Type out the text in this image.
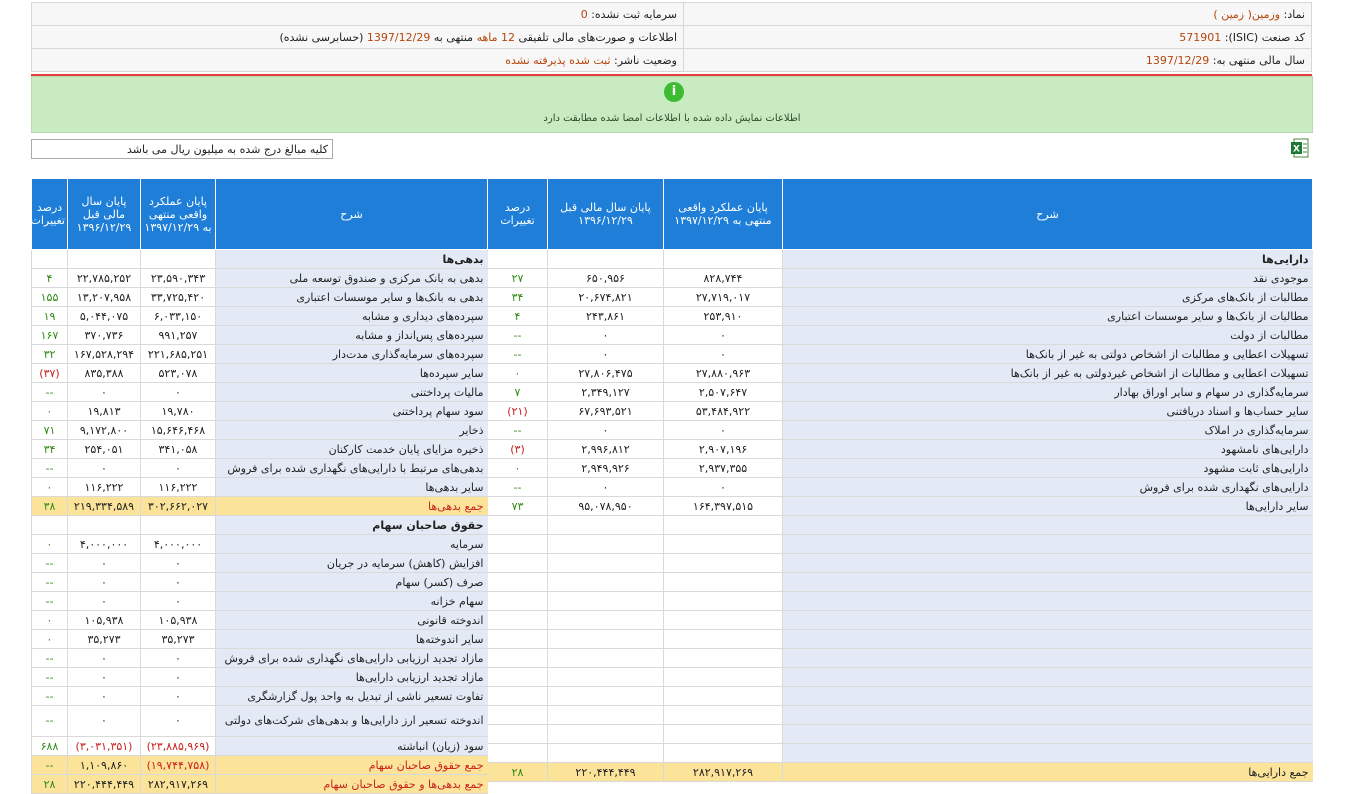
نماد: وزمین( زمین )	سرمایه ثبت نشده: 0
کد صنعت (ISIC): 571901	اطلاعات و صورت‌های مالی تلفیقی 12 ماهه منتهی به 1397/12/29 (حسابرسی نشده)
سال مالی منتهی به: 1397/12/29	وضعیت ناشر: ثبت شده پذیرفته نشده
i
اطلاعات نمایش داده شده با اطلاعات امضا شده مطابقت دارد
کلیه مبالغ درج شده به میلیون ریال می باشد	X
شرح	پایان عملکرد واقعی منتهی به ۱۳۹۷/۱۲/۲۹	پایان سال مالی قبل ۱۳۹۶/۱۲/۲۹	درصد تغییرات
دارایی‌ها			
موجودی نقد	۸۲۸,۷۴۴	۶۵۰,۹۵۶	۲۷
مطالبات از بانک‌های مرکزی	۲۷,۷۱۹,۰۱۷	۲۰,۶۷۴,۸۲۱	۳۴
مطالبات از بانک‌ها و سایر موسسات اعتباری	۲۵۳,۹۱۰	۲۴۳,۸۶۱	۴
مطالبات از دولت	۰	۰	--
تسهیلات اعطایی و مطالبات از اشخاص دولتی به غیر از بانک‌ها	۰	۰	--
تسهیلات اعطایی و مطالبات از اشخاص غیردولتی به غیر از بانک‌ها	۲۷,۸۸۰,۹۶۳	۲۷,۸۰۶,۴۷۵	۰
سرمایه‌گذاری در سهام و سایر اوراق بهادار	۲,۵۰۷,۶۴۷	۲,۳۴۹,۱۲۷	۷
سایر حساب‌ها و اسناد دریافتنی	۵۳,۴۸۴,۹۲۲	۶۷,۶۹۳,۵۲۱	(۲۱)
سرمایه‌گذاری در املاک	۰	۰	--
دارایی‌های نامشهود	۲,۹۰۷,۱۹۶	۲,۹۹۶,۸۱۲	(۳)
دارایی‌های ثابت مشهود	۲,۹۳۷,۳۵۵	۲,۹۴۹,۹۲۶	۰
دارایی‌های نگهداری شده برای فروش	۰	۰	--
سایر دارایی‌ها	۱۶۴,۳۹۷,۵۱۵	۹۵,۰۷۸,۹۵۰	۷۳

جمع دارایی‌ها	۲۸۲,۹۱۷,۲۶۹	۲۲۰,۴۴۴,۴۴۹	۲۸
شرح	پایان عملکرد واقعی منتهی به ۱۳۹۷/۱۲/۲۹	پایان سال مالی قبل ۱۳۹۶/۱۲/۲۹	درصد تغییرات
بدهی‌ها			
بدهی به بانک مرکزی و صندوق توسعه ملی	۲۳,۵۹۰,۳۴۳	۲۲,۷۸۵,۲۵۲	۴
بدهی به بانک‌ها و سایر موسسات اعتباری	۳۳,۷۲۵,۴۲۰	۱۳,۲۰۷,۹۵۸	۱۵۵
سپرده‌های دیداری و مشابه	۶,۰۳۳,۱۵۰	۵,۰۴۴,۰۷۵	۱۹
سپرده‌های پس‌انداز و مشابه	۹۹۱,۲۵۷	۳۷۰,۷۳۶	۱۶۷
سپرده‌های سرمایه‌گذاری مدت‌دار	۲۲۱,۶۸۵,۲۵۱	۱۶۷,۵۲۸,۲۹۴	۳۲
سایر سپرده‌ها	۵۲۳,۰۷۸	۸۳۵,۳۸۸	(۳۷)
مالیات پرداختنی	۰	۰	--
سود سهام پرداختنی	۱۹,۷۸۰	۱۹,۸۱۳	۰
ذخایر	۱۵,۶۴۶,۴۶۸	۹,۱۷۲,۸۰۰	۷۱
ذخیره مزایای پایان خدمت کارکنان	۳۴۱,۰۵۸	۲۵۴,۰۵۱	۳۴
بدهی‌های مرتبط با دارایی‌های نگهداری شده برای فروش	۰	۰	--
سایر بدهی‌ها	۱۱۶,۲۲۲	۱۱۶,۲۲۲	۰
جمع بدهی‌ها	۳۰۲,۶۶۲,۰۲۷	۲۱۹,۳۳۴,۵۸۹	۳۸
حقوق صاحبان سهام			
سرمایه	۴,۰۰۰,۰۰۰	۴,۰۰۰,۰۰۰	۰
افزایش (کاهش) سرمایه در جریان	۰	۰	--
صرف (کسر) سهام	۰	۰	--
سهام خزانه	۰	۰	--
اندوخته قانونی	۱۰۵,۹۳۸	۱۰۵,۹۳۸	۰
سایر اندوخته‌ها	۳۵,۲۷۳	۳۵,۲۷۳	۰
مازاد تجدید ارزیابی دارایی‌های نگهداری شده برای فروش	۰	۰	--
مازاد تجدید ارزیابی دارایی‌ها	۰	۰	--
تفاوت تسعیر ناشی از تبدیل به واحد پول گزارشگری	۰	۰	--
اندوخته تسعیر ارز دارایی‌ها و بدهی‌های شرکت‌های دولتی	۰	۰	--
سود (زیان) انباشته	(۲۳,۸۸۵,۹۶۹)	(۳,۰۳۱,۳۵۱)	۶۸۸
جمع حقوق صاحبان سهام	(۱۹,۷۴۴,۷۵۸)	۱,۱۰۹,۸۶۰	--
جمع بدهی‌ها و حقوق صاحبان سهام	۲۸۲,۹۱۷,۲۶۹	۲۲۰,۴۴۴,۴۴۹	۲۸
